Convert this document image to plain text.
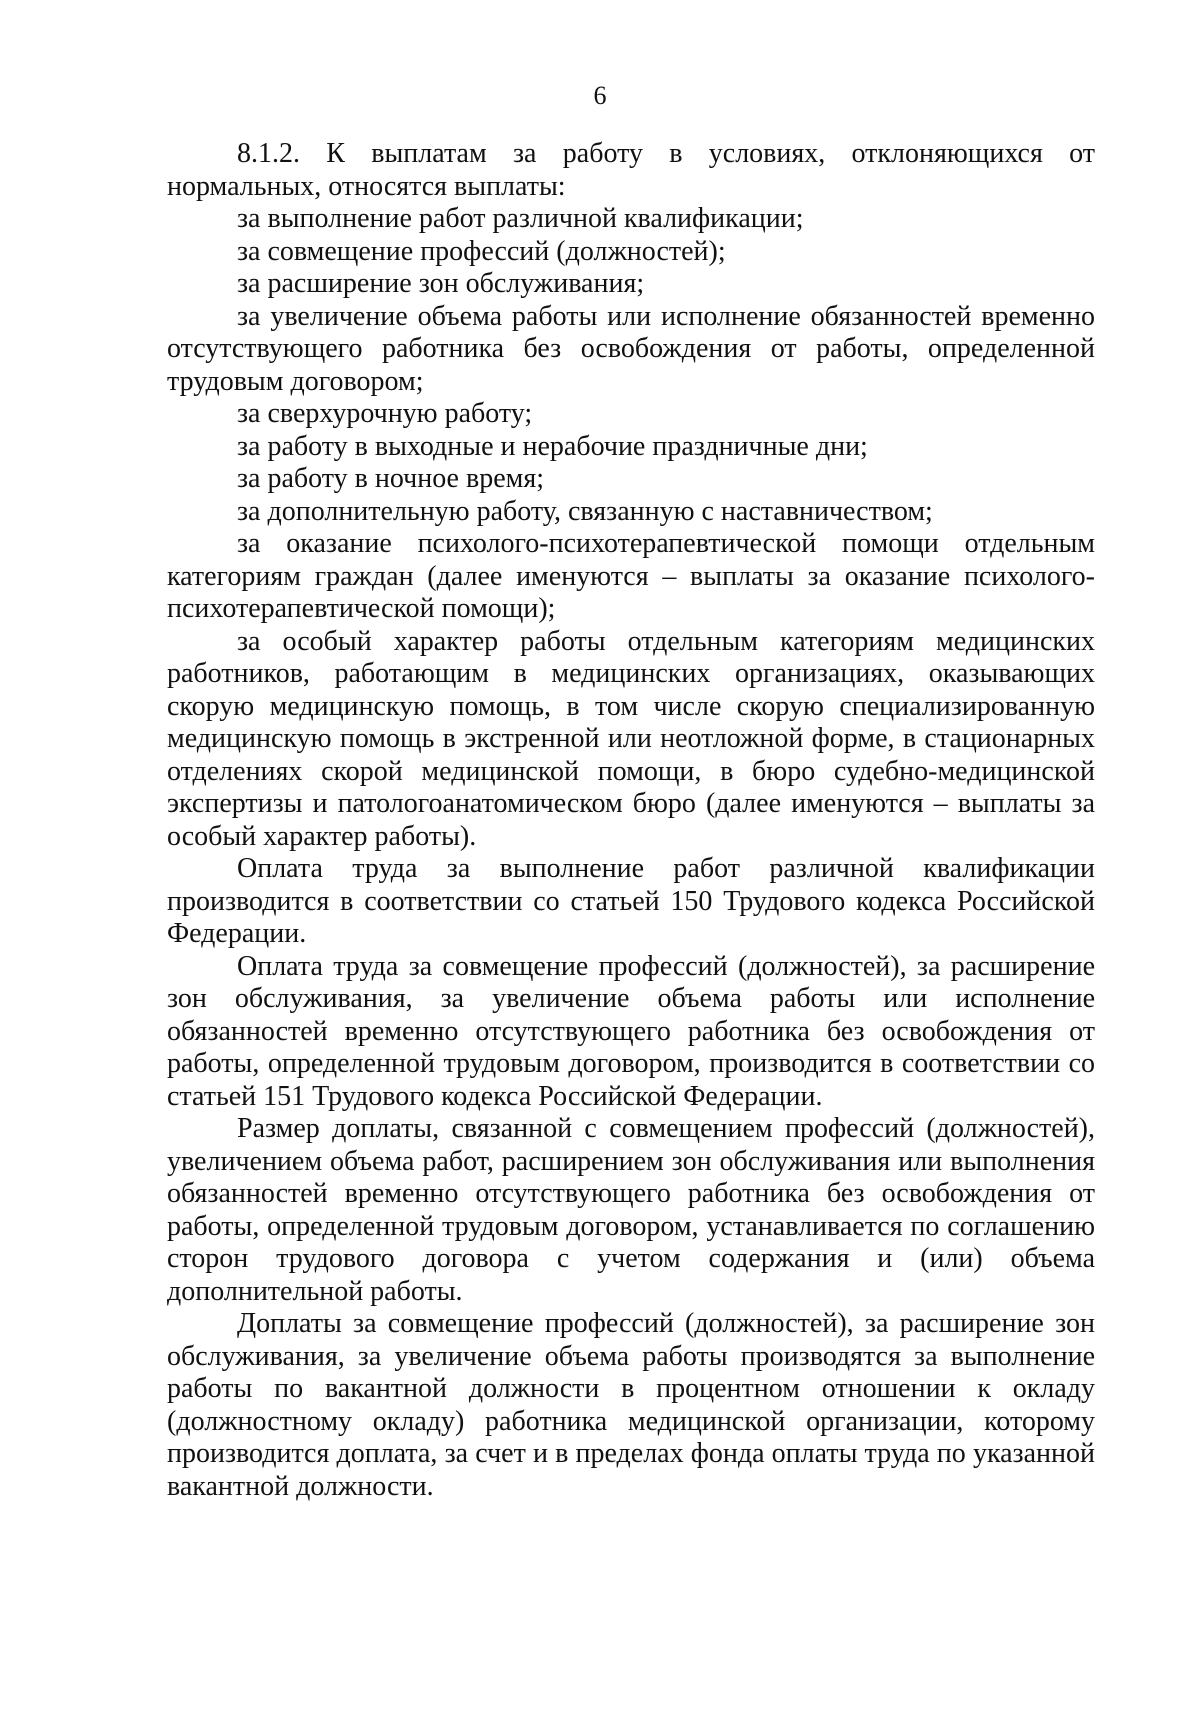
6

8.1.2. К выплатам за работу в условиях, отклоняющихся от нормальных, относятся выплаты:

за выполнение работ различной квалификации;

за совмещение профессий (должностей);

за расширение зон обслуживания;

за увеличение объема работы или исполнение обязанностей временно отсутствующего работника без освобождения от работы, определенной трудовым договором;

за сверхурочную работу;

за работу в выходные и нерабочие праздничные дни;

за работу в ночное время;

за дополнительную работу, связанную с наставничеством;

за оказание психолого-психотерапевтической помощи отдельным категориям граждан (далее именуются – выплаты за оказание психолого-психотерапевтической помощи);

за особый характер работы отдельным категориям медицинских работников, работающим в медицинских организациях, оказывающих скорую медицинскую помощь, в том числе скорую специализированную медицинскую помощь в экстренной или неотложной форме, в стационарных отделениях скорой медицинской помощи, в бюро судебно-медицинской экспертизы и патологоанатомическом бюро (далее именуются – выплаты за особый характер работы).

Оплата труда за выполнение работ различной квалификации производится в соответствии со статьей 150 Трудового кодекса Российской Федерации.

Оплата труда за совмещение профессий (должностей), за расширение зон обслуживания, за увеличение объема работы или исполнение обязанностей временно отсутствующего работника без освобождения от работы, определенной трудовым договором, производится в соответствии со статьей 151 Трудового кодекса Российской Федерации.

Размер доплаты, связанной с совмещением профессий (должностей), увеличением объема работ, расширением зон обслуживания или выполнения обязанностей временно отсутствующего работника без освобождения от работы, определенной трудовым договором, устанавливается по соглашению сторон трудового договора с учетом содержания и (или) объема дополнительной работы.

Доплаты за совмещение профессий (должностей), за расширение зон обслуживания, за увеличение объема работы производятся за выполнение работы по вакантной должности в процентном отношении к окладу (должностному окладу) работника медицинской организации, которому производится доплата, за счет и в пределах фонда оплаты труда по указанной вакантной должности.
